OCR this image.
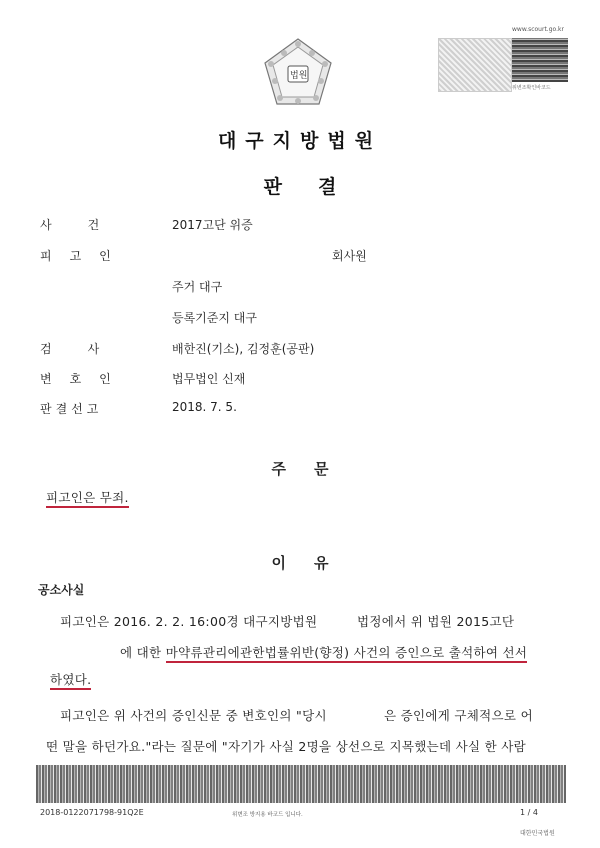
법원
www.scourt.go.kr
위변조확인바코드
대구지방법원
판결
사건	2017고단 위증
피고인	회사원
주거 대구
등록기준지 대구
검사	배한진(기소), 김정훈(공판)
변호인	법무법인 신재
판결선고	2018. 7. 5.
주문
피고인은 무죄.
이유
공소사실
피고인은 2016. 2. 2. 16:00경 대구지방법원	법정에서 위 법원 2015고단
에 대한 마약류관리에관한법률위반(향정) 사건의 증인으로 출석하여 선서
하였다.
피고인은 위 사건의 증인신문 중 변호인의 "당시	은 증인에게 구체적으로 어
떤 말을 하던가요."라는 질문에 "자기가 사실 2명을 상선으로 지목했는데 사실 한 사람
2018-0122071798-91Q2E	위변조 방지용 바코드 입니다.	1 / 4
대한민국법원
